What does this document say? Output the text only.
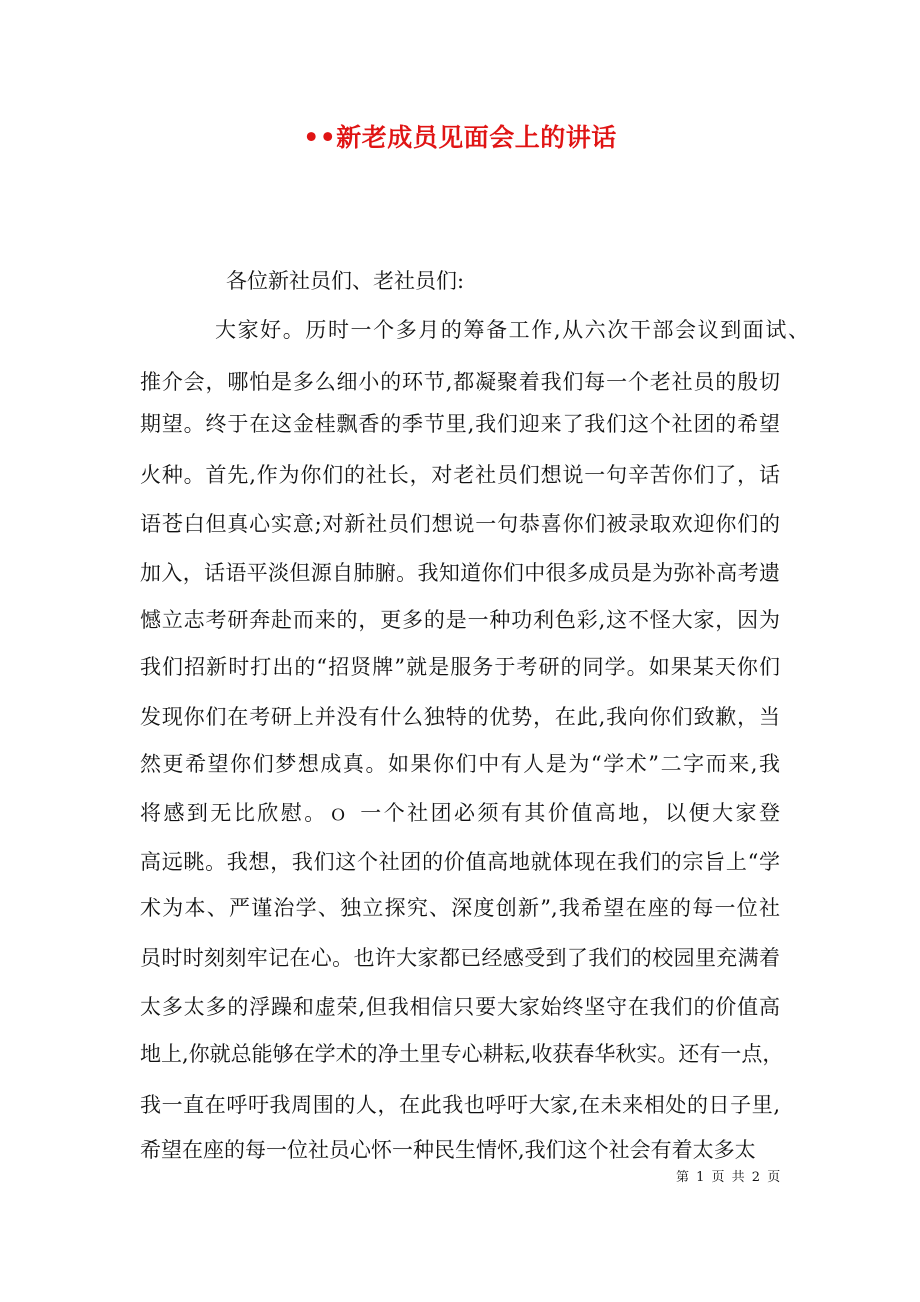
••新老成员见面会上的讲话
各位新社员们、老社员们:
大家好。历时一个多月的筹备工作,从六次干部会议到面试、
推介会，哪怕是多么细小的环节,都凝聚着我们每一个老社员的殷切
期望。终于在这金桂飘香的季节里,我们迎来了我们这个社团的希望
火种。首先,作为你们的社长，对老社员们想说一句辛苦你们了，话
语苍白但真心实意;对新社员们想说一句恭喜你们被录取欢迎你们的
加入，话语平淡但源自肺腑。我知道你们中很多成员是为弥补高考遗
憾立志考研奔赴而来的，更多的是一种功利色彩,这不怪大家，因为
我们招新时打出的“招贤牌”就是服务于考研的同学。如果某天你们
发现你们在考研上并没有什么独特的优势，在此,我向你们致歉，当
然更希望你们梦想成真。如果你们中有人是为“学术”二字而来,我
将感到无比欣慰。ｏ 一个社团必须有其价值高地，以便大家登
高远眺。我想，我们这个社团的价值高地就体现在我们的宗旨上“学
术为本、严谨治学、独立探究、深度创新”,我希望在座的每一位社
员时时刻刻牢记在心。也许大家都已经感受到了我们的校园里充满着
太多太多的浮躁和虚荣,但我相信只要大家始终坚守在我们的价值高
地上,你就总能够在学术的净土里专心耕耘,收获春华秋实。还有一点，
我一直在呼吁我周围的人，在此我也呼吁大家,在未来相处的日子里,
希望在座的每一位社员心怀一种民生情怀,我们这个社会有着太多太
第 1 页 共 2 页
